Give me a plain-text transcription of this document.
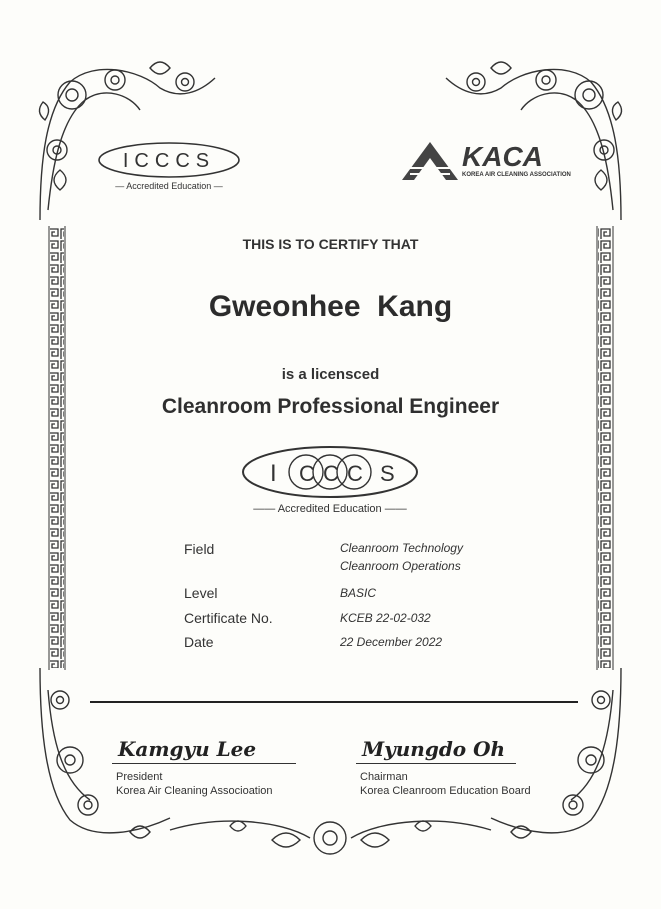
ICCCS
— Accredited Education —
KACA
KOREA AIR CLEANING ASSOCIATION
THIS IS TO CERTIFY THAT
Gweonhee  Kang
is a licensced
Cleanroom Professional Engineer
I C C C S
—— Accredited Education ——
Field	Cleanroom Technology
Cleanroom Operations
Level	BASIC
Certificate No.	KCEB 22-02-032
Date	22 December 2022
Kamgyu Lee
President
Korea Air Cleaning Associoation
Myungdo Oh
Chairman
Korea Cleanroom Education Board
